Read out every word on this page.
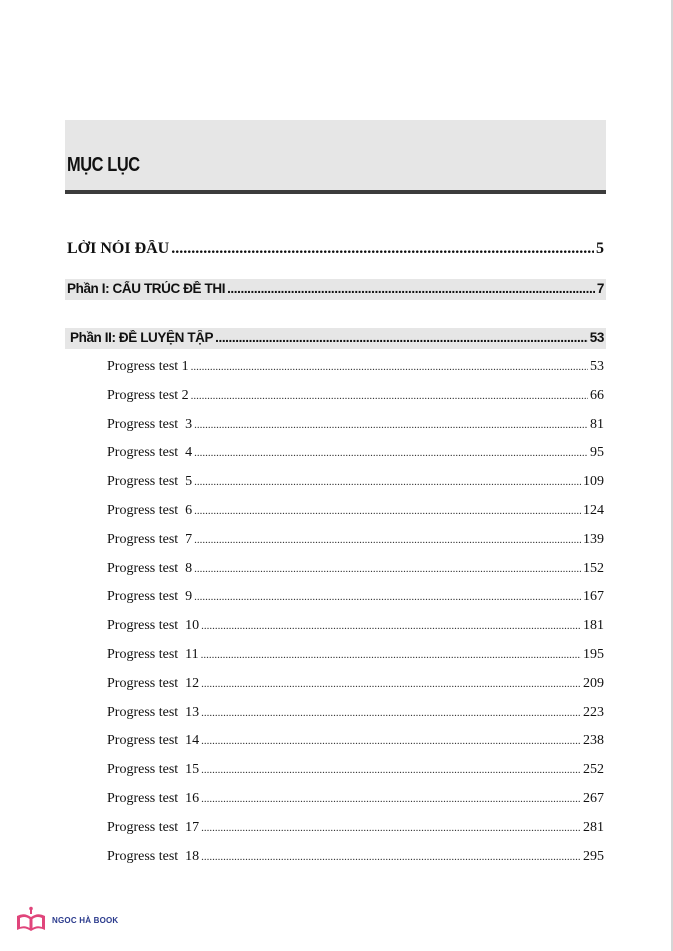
MỤC LỤC
LỜI NÓI ĐẦU .....	5
Phần I: CẤU TRÚC ĐỀ THI .....	7
Phần II: ĐỀ LUYỆN TẬP .....	53
Progress test 1 .....	53
Progress test 2 .....	66
Progress test  3 .....	81
Progress test  4 .....	95
Progress test  5 .....	109
Progress test  6 .....	124
Progress test  7 .....	139
Progress test  8 .....	152
Progress test  9 .....	167
Progress test  10 .....	181
Progress test  11 .....	195
Progress test  12 .....	209
Progress test  13 .....	223
Progress test  14 .....	238
Progress test  15 .....	252
Progress test  16 .....	267
Progress test  17 .....	281
Progress test  18 .....	295
NGOC HÀ BOOK
